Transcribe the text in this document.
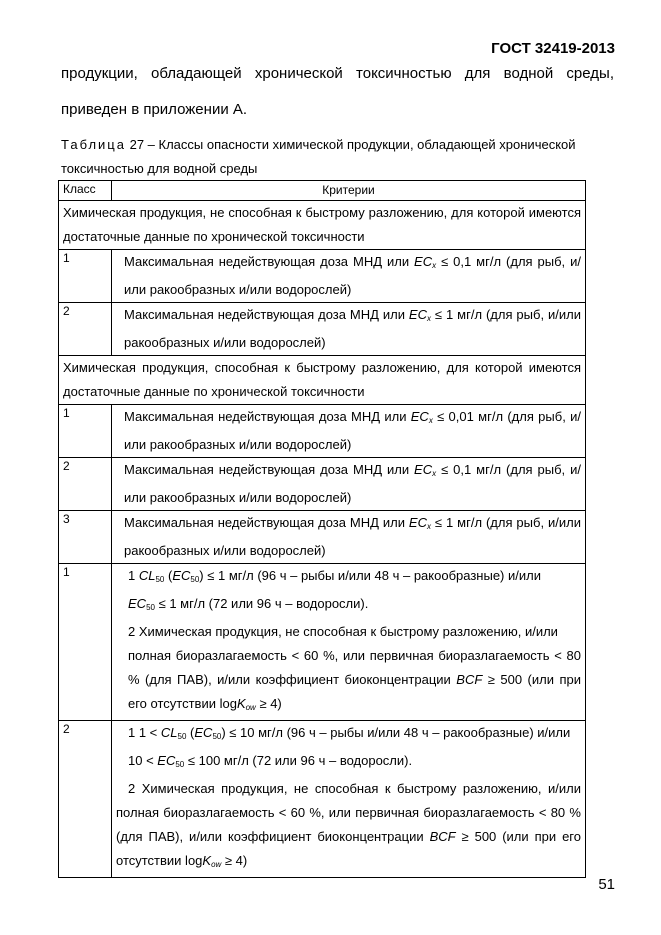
ГОСТ 32419-2013
продукции, обладающей хронической токсичностью для водной среды,
приведен в приложении А.
Таблица 27 – Классы опасности химической продукции, обладающей хронической
токсичностью для водной среды
Класс	Критерии
Химическая продукция, не способная к быстрому разложению, для которой имеются достаточные данные по хронической токсичности	
1	Максимальная недействующая доза МНД или $EC_x \le 0,1$ мг/л (для рыб, и/или ракообразных и/или водорослей)
2	Максимальная недействующая доза МНД или $EC_x \le 1$ мг/л (для рыб, и/или ракообразных и/или водорослей)
Химическая продукция, способная к быстрому разложению, для которой имеются достаточные данные по хронической токсичности	
1	Максимальная недействующая доза МНД или $EC_x \le 0,01$ мг/л (для рыб, и/или ракообразных и/или водорослей)
2	Максимальная недействующая доза МНД или $EC_x \le 0,1$ мг/л (для рыб, и/или ракообразных и/или водорослей)
3	Максимальная недействующая доза МНД или $EC_x \le 1$ мг/л (для рыб, и/или ракообразных и/или водорослей)
1	1 $CL_{50}$ $(EC_{50}) \le 1$ мг/л (96 ч – рыбы и/или 48 ч – ракообразные) и/или

$EC_{50} \le 1$ мг/л (72 или 96 ч – водоросли).

2 Химическая продукция, не способная к быстрому разложению, и/или

полная биоразлагаемость < 60 %, или первичная биоразлагаемость < 80 % (для ПАВ), и/или коэффициент биоконцентрации BCF ≥ 500 (или при его отсутствии logK$_{ow}$ ≥ 4)

2	1 $1 < CL_{50}$ $(EC_{50}) \le 10$ мг/л (96 ч – рыбы и/или 48 ч – ракообразные) и/или

$10 < EC_{50} \le 100$ мг/л (72 или 96 ч – водоросли).

2 Химическая продукция, не способная к быстрому разложению, и/или полная биоразлагаемость < 60 %, или первичная биоразлагаемость < 80 % (для ПАВ), и/или коэффициент биоконцентрации BCF ≥ 500 (или при его отсутствии logK$_{ow}$ ≥ 4)

51
